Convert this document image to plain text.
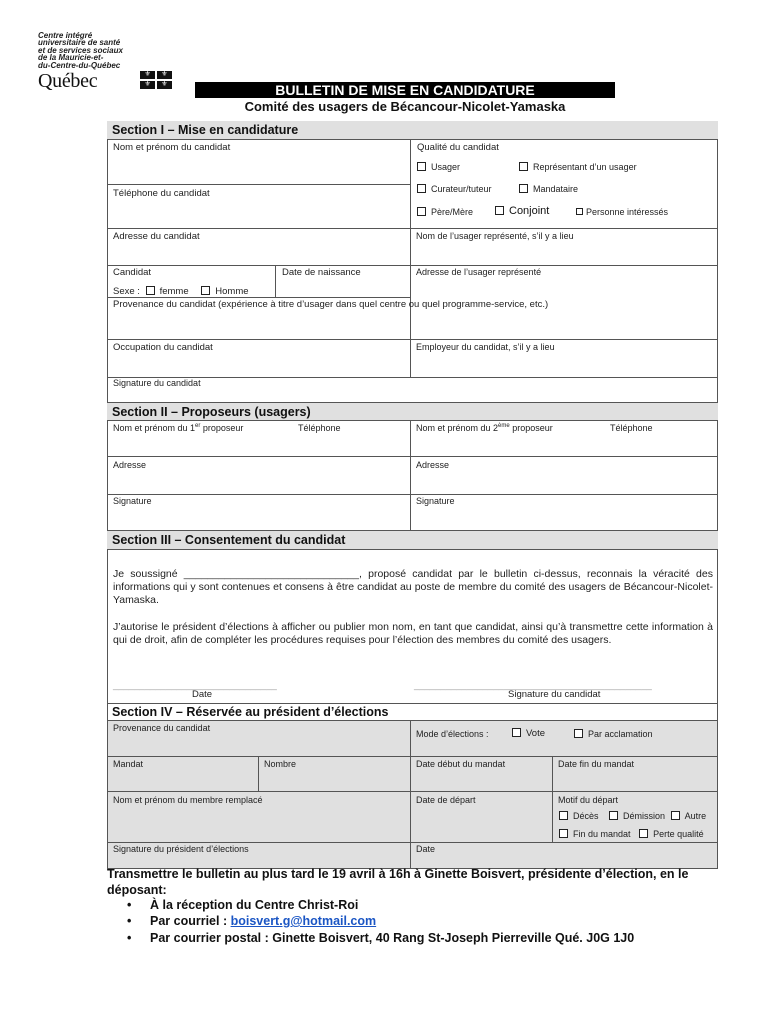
Centre intégré
universitaire de santé
et de services sociaux
de la Mauricie-et-
du-Centre-du-Québec
Québec	⚜	⚜
⚜	⚜	BULLETIN DE MISE EN CANDIDATURE
Comité des usagers de Bécancour-Nicolet-Yamaska
Section I – Mise en candidature
Nom et prénom du candidat	Qualité du candidat
Usager	Représentant d’un usager
Curateur/tuteur	Mandataire
Père/Mère	Conjoint	Personne intéressés
Téléphone du candidat
Adresse du candidat	Nom de l’usager représenté, s’il y a lieu
Candidat	Date de naissance	Adresse de l’usager représenté
Sexe : femme	Homme
Provenance du candidat (expérience à titre d’usager dans quel centre ou quel programme-service, etc.)
Occupation du candidat	Employeur du candidat, s’il y a lieu
Signature du candidat
Section II – Proposeurs (usagers)
Nom et prénom du 1er proposeur	Téléphone	Nom et prénom du 2ème proposeur	Téléphone
Adresse	Adresse
Signature	Signature
Section III – Consentement du candidat
Je soussigné ______________________________, proposé candidat par le bulletin ci-dessus, reconnais la véracité des informations qui y sont contenues et consens à être candidat au poste de membre du comité des usagers de Bécancour-Nicolet-Yamaska.
J’autorise le président d’élections à afficher ou publier mon nom, en tant que candidat, ainsi qu’à transmettre cette information à qui de droit, afin de compléter les procédures requises pour l’élection des membres du comité des usagers.
_______________________________
Date
_____________________________________________
Signature du candidat
Section IV – Réservée au président d’élections
Provenance du candidat
Mode d’élections :	Vote	Par acclamation
Mandat	Nombre	Date début du mandat	Date fin du mandat
Nom et prénom du membre remplacé	Date de départ	Motif du départ
Décès	Démission Autre
Fin du mandat	Perte qualité
Signature du président d’élections	Date
Transmettre le bulletin au plus tard le 19 avril à 16h à Ginette Boisvert, présidente d’élection, en le
déposant:
• À la réception du Centre Christ-Roi
• Par courriel : boisvert.g@hotmail.com
• Par courrier postal : Ginette Boisvert, 40 Rang St-Joseph Pierreville Qué. J0G 1J0
